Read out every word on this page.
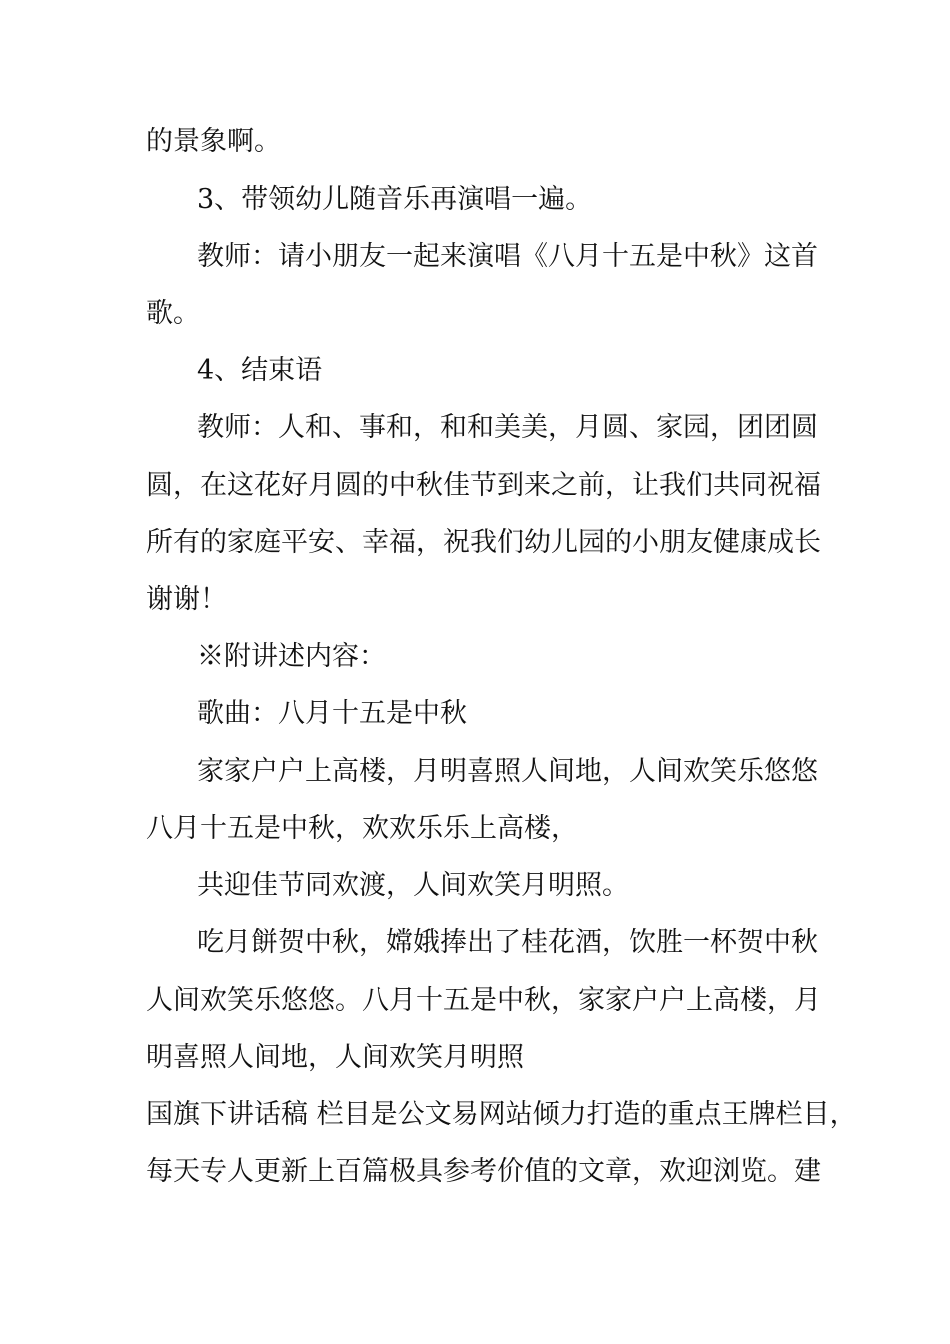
的景象啊。
3、带领幼儿随音乐再演唱一遍。
教师：请小朋友一起来演唱《八月十五是中秋》这首
歌。
4、结束语
教师：人和、事和，和和美美，月圆、家园，团团圆
圆，在这花好月圆的中秋佳节到来之前，让我们共同祝福
所有的家庭平安、幸福，祝我们幼儿园的小朋友健康成长
谢谢！
※附讲述内容：
歌曲：八月十五是中秋
家家户户上高楼，月明喜照人间地，人间欢笑乐悠悠
八月十五是中秋，欢欢乐乐上高楼，
共迎佳节同欢渡，人间欢笑月明照。
吃月餅贺中秋，嫦娥捧出了桂花酒，饮胜一杯贺中秋
人间欢笑乐悠悠。八月十五是中秋，家家户户上高楼，月
明喜照人间地，人间欢笑月明照
国旗下讲话稿 栏目是公文易网站倾力打造的重点王牌栏目，
每天专人更新上百篇极具参考价值的文章，欢迎浏览。建
